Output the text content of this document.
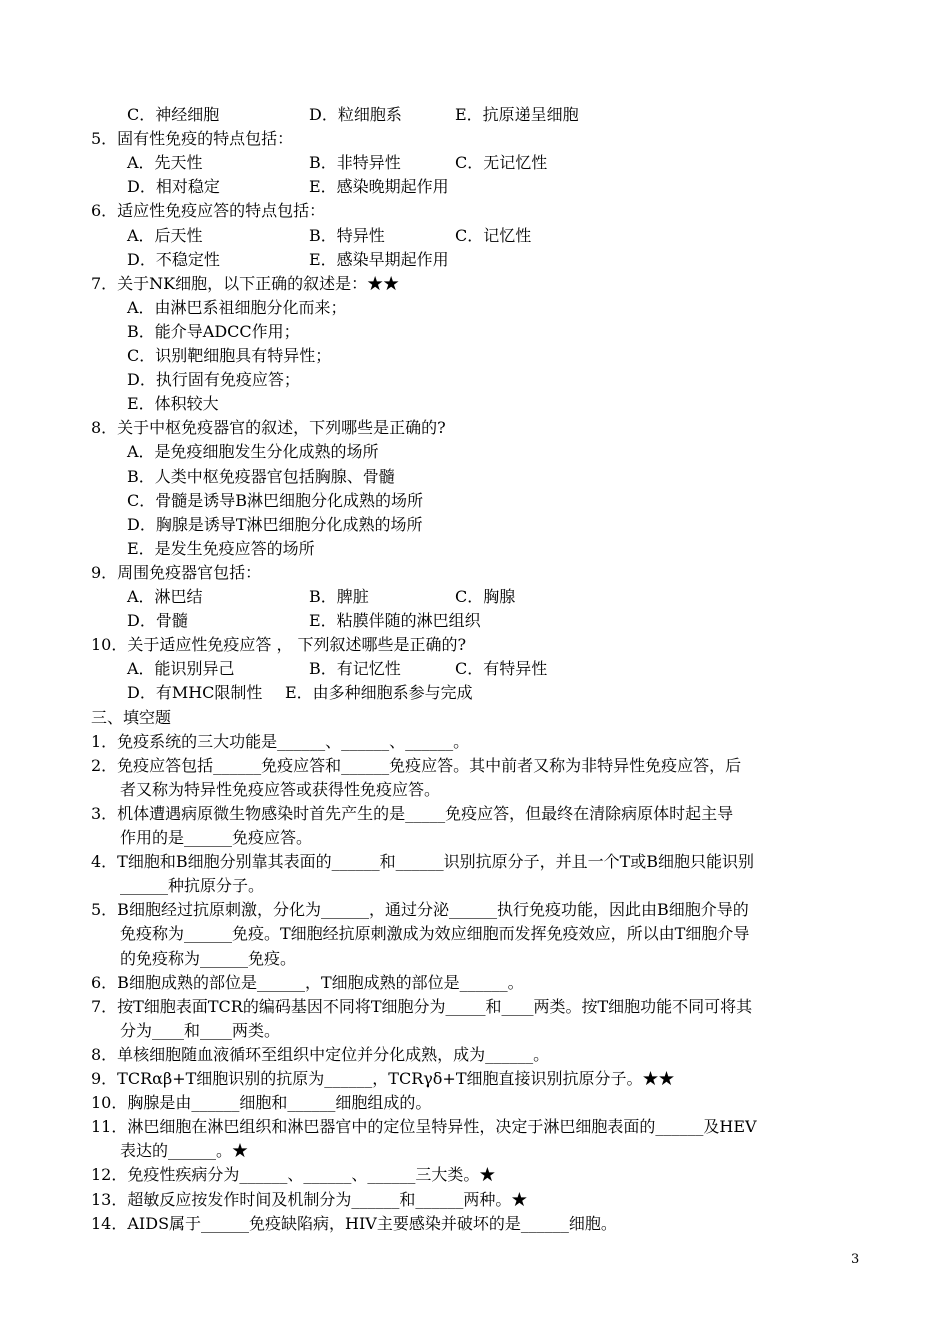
C．神经细胞	D．粒细胞系	E．抗原递呈细胞
5．固有性免疫的特点包括：
A．先天性	B．非特异性	C．无记忆性
D．相对稳定	E．感染晚期起作用
6．适应性免疫应答的特点包括：
A．后天性	B．特异性	C．记忆性
D．不稳定性	E．感染早期起作用
7．关于NK细胞，以下正确的叙述是：★★
A．由淋巴系祖细胞分化而来；
B．能介导ADCC作用；
C．识别靶细胞具有特异性；
D．执行固有免疫应答；
E．体积较大
8．关于中枢免疫器官的叙述，下列哪些是正确的?
A．是免疫细胞发生分化成熟的场所
B．人类中枢免疫器官包括胸腺、骨髓
C．骨髓是诱导B淋巴细胞分化成熟的场所
D．胸腺是诱导T淋巴细胞分化成熟的场所
E．是发生免疫应答的场所
9．周围免疫器官包括：
A．淋巴结	B．脾脏	C．胸腺
D．骨髓	E．粘膜伴随的淋巴组织
10．关于适应性免疫应答 ， 下列叙述哪些是正确的?
A．能识别异己	B．有记忆性	C．有特异性
D．有MHC限制性 E．由多种细胞系参与完成
三、填空题
1．免疫系统的三大功能是______、______、______。
2．免疫应答包括______免疫应答和______免疫应答。其中前者又称为非特异性免疫应答，后
者又称为特异性免疫应答或获得性免疫应答。
3．机体遭遇病原微生物感染时首先产生的是_____免疫应答，但最终在清除病原体时起主导
作用的是______免疫应答。
4．T细胞和B细胞分别靠其表面的______和______识别抗原分子，并且一个T或B细胞只能识别
______种抗原分子。
5．B细胞经过抗原刺激，分化为______，通过分泌______执行免疫功能，因此由B细胞介导的
免疫称为______免疫。T细胞经抗原刺激成为效应细胞而发挥免疫效应，所以由T细胞介导
的免疫称为______免疫。
6．B细胞成熟的部位是______，T细胞成熟的部位是______。
7．按T细胞表面TCR的编码基因不同将T细胞分为_____和____两类。按T细胞功能不同可将其
分为____和____两类。
8．单核细胞随血液循环至组织中定位并分化成熟，成为______。
9．TCRαβ+T细胞识别的抗原为______，TCRγδ+T细胞直接识别抗原分子。★★
10．胸腺是由______细胞和______细胞组成的。
11．淋巴细胞在淋巴组织和淋巴器官中的定位呈特异性，决定于淋巴细胞表面的______及HEV
表达的______。★
12．免疫性疾病分为______、______、______三大类。★
13．超敏反应按发作时间及机制分为______和______两种。★
14．AIDS属于______免疫缺陷病，HIV主要感染并破坏的是______细胞。
3
